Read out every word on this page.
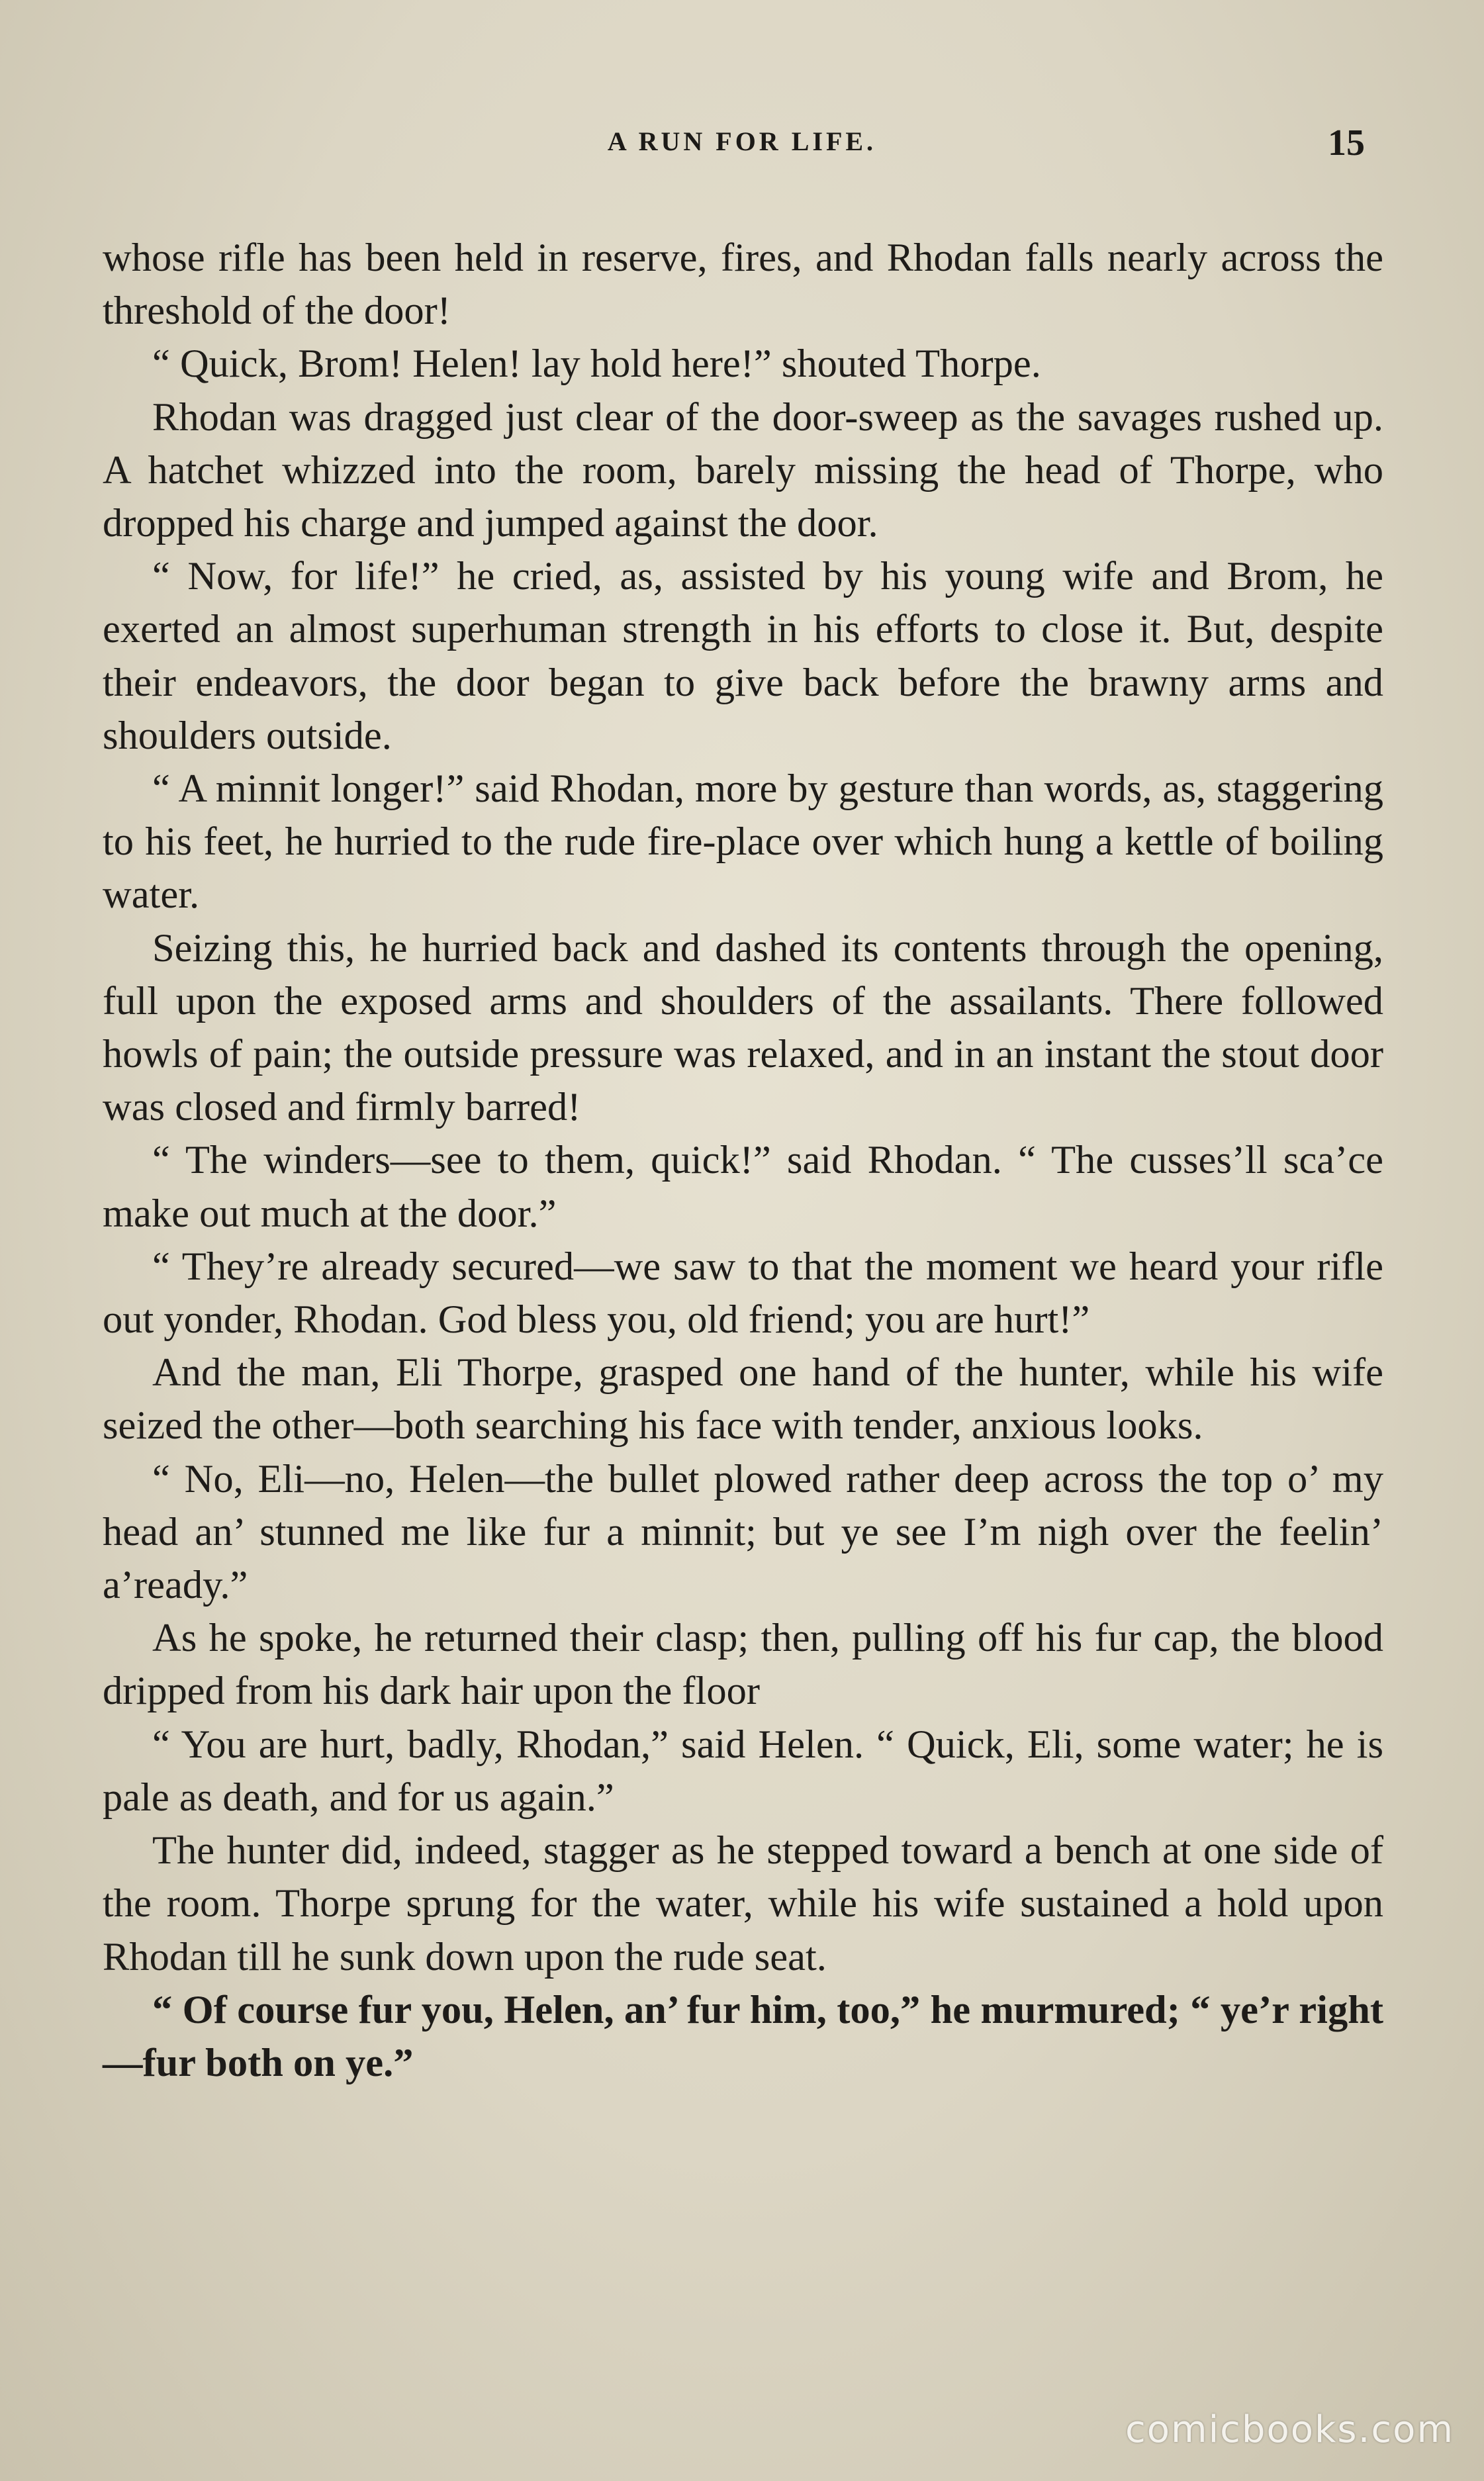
A RUN FOR LIFE.	15

whose rifle has been held in reserve, fires, and Rhodan falls nearly across the threshold of the door!

“ Quick, Brom! Helen! lay hold here!” shouted Thorpe.

Rhodan was dragged just clear of the door-sweep as the savages rushed up. A hatchet whizzed into the room, barely missing the head of Thorpe, who dropped his charge and jumped against the door.

“ Now, for life!” he cried, as, assisted by his young wife and Brom, he exerted an almost superhuman strength in his efforts to close it. But, despite their endeavors, the door began to give back before the brawny arms and shoulders outside.

“ A minnit longer!” said Rhodan, more by gesture than words, as, staggering to his feet, he hurried to the rude fire-place over which hung a kettle of boiling water.

Seizing this, he hurried back and dashed its contents through the opening, full upon the exposed arms and shoulders of the assailants. There followed howls of pain; the outside pressure was relaxed, and in an instant the stout door was closed and firmly barred!

“ The winders—see to them, quick!” said Rhodan. “ The cusses’ll sca’ce make out much at the door.”

“ They’re already secured—we saw to that the moment we heard your rifle out yonder, Rhodan. God bless you, old friend; you are hurt!”

And the man, Eli Thorpe, grasped one hand of the hunter, while his wife seized the other—both searching his face with tender, anxious looks.

“ No, Eli—no, Helen—the bullet plowed rather deep across the top o’ my head an’ stunned me like fur a minnit; but ye see I’m nigh over the feelin’ a’ready.”

As he spoke, he returned their clasp; then, pulling off his fur cap, the blood dripped from his dark hair upon the floor

“ You are hurt, badly, Rhodan,” said Helen. “ Quick, Eli, some water; he is pale as death, and for us again.”

The hunter did, indeed, stagger as he stepped toward a bench at one side of the room. Thorpe sprung for the water, while his wife sustained a hold upon Rhodan till he sunk down upon the rude seat.

“ Of course fur you, Helen, an’ fur him, too,” he murmured; “ ye’r right—fur both on ye.”

comicbooks.com
